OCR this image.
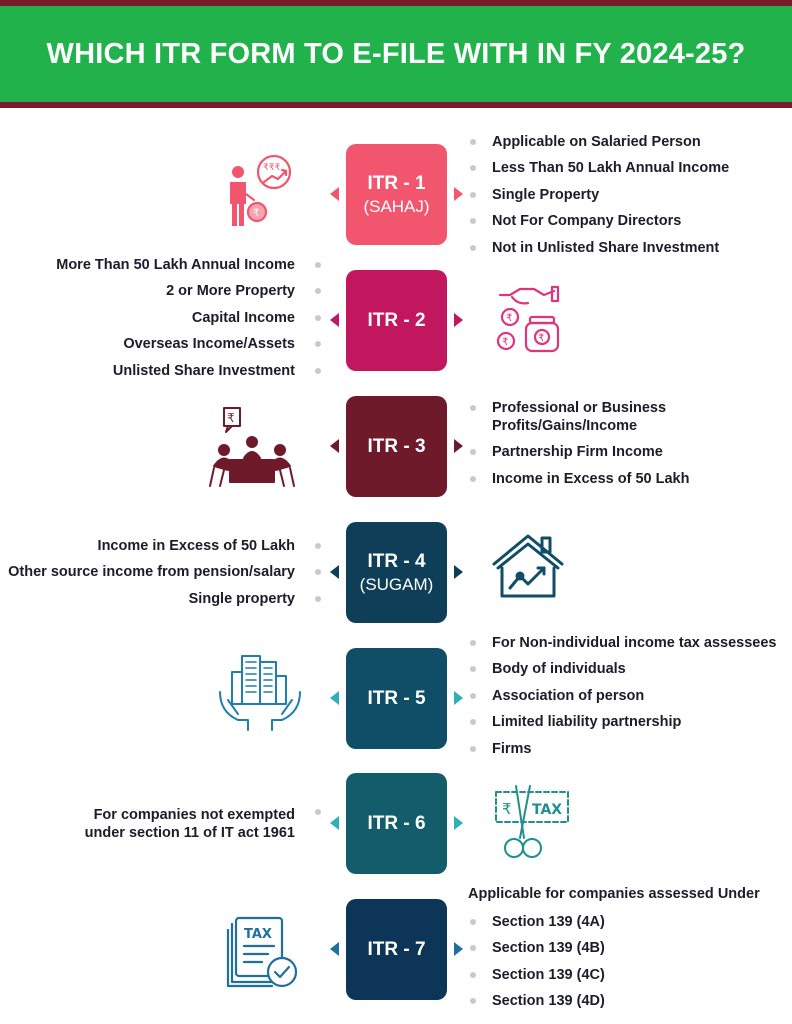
WHICH ITR FORM TO E-FILE WITH IN FY 2024-25?
₹₹₹
₹
ITR - 1
(SAHAJ)
Applicable on Salaried Person
Less Than 50 Lakh Annual Income
Single Property
Not For Company Directors
Not in Unlisted Share Investment
More Than 50 Lakh Annual Income
2 or More Property
Capital Income
Overseas Income/Assets
Unlisted Share Investment
ITR - 2	₹
₹	₹
₹
ITR - 3
Professional or Business Profits/Gains/Income
Partnership Firm Income
Income in Excess of 50 Lakh
Income in Excess of 50 Lakh
Other source income from pension/salary
Single property
ITR - 4
(SUGAM)
ITR - 5
For Non-individual income tax assessees
Body of individuals
Association of person
Limited liability partnership
Firms
For companies not exempted under section 11 of IT act 1961	ITR - 6
₹ TAX
TAX
ITR - 7
Applicable for companies assessed Under
Section 139 (4A)
Section 139 (4B)
Section 139 (4C)
Section 139 (4D)
